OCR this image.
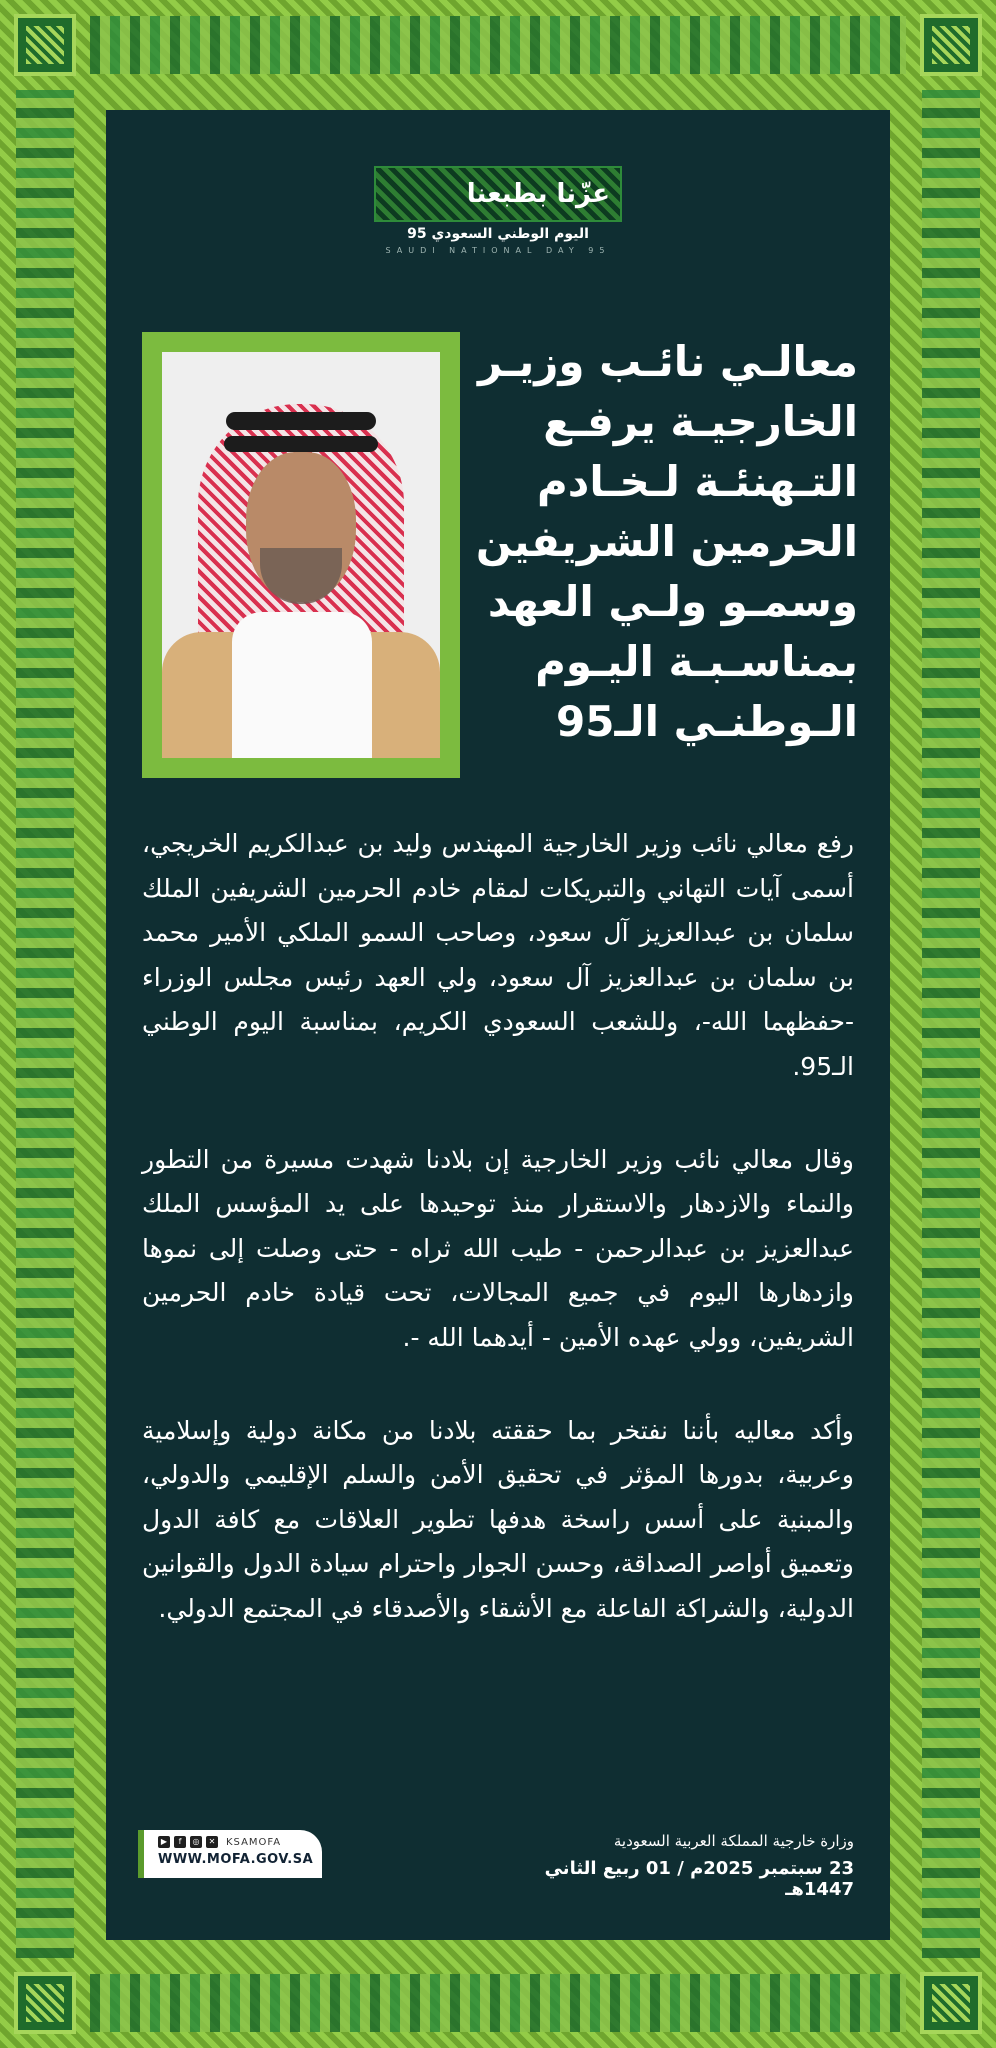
عزّنا بطبعنا
اليوم الوطني السعودي 95
SAUDI NATIONAL DAY 95
معالـي نائـب وزيـر
الخارجيـة يرفـع
التـهنئـة لـخـادم
الحرمين الشريفين
وسمـو ولـي العهد
بمناسـبـة اليـوم
الـوطنـي الـ95

رفع معالي نائب وزير الخارجية المهندس وليد بن عبدالكريم الخريجي، أسمى آيات التهاني والتبريكات لمقام خادم الحرمين الشريفين الملك سلمان بن عبدالعزيز آل سعود، وصاحب السمو الملكي الأمير محمد بن سلمان بن عبدالعزيز آل سعود، ولي العهد رئيس مجلس الوزراء -حفظهما الله-، وللشعب السعودي الكريم، بمناسبة اليوم الوطني الـ95.

وقال معالي نائب وزير الخارجية إن بلادنا شهدت مسيرة من التطور والنماء والازدهار والاستقرار منذ توحيدها على يد المؤسس الملك عبدالعزيز بن عبدالرحمن - طيب الله ثراه - حتى وصلت إلى نموها وازدهارها اليوم في جميع المجالات، تحت قيادة خادم الحرمين الشريفين، وولي عهده الأمين - أيدهما الله -.

وأكد معاليه بأننا نفتخر بما حققته بلادنا من مكانة دولية وإسلامية وعربية، بدورها المؤثر في تحقيق الأمن والسلم الإقليمي والدولي، والمبنية على أسس راسخة هدفها تطوير العلاقات مع كافة الدول وتعميق أواصر الصداقة، وحسن الجوار واحترام سيادة الدول والقوانين الدولية، والشراكة الفاعلة مع الأشقاء والأصدقاء في المجتمع الدولي.

▶	f	◎	✕ KSAMOFA
WWW.MOFA.GOV.SA
وزارة خارجية المملكة العربية السعودية
23 سبتمبر 2025م / 01 ربيع الثاني 1447هـ
